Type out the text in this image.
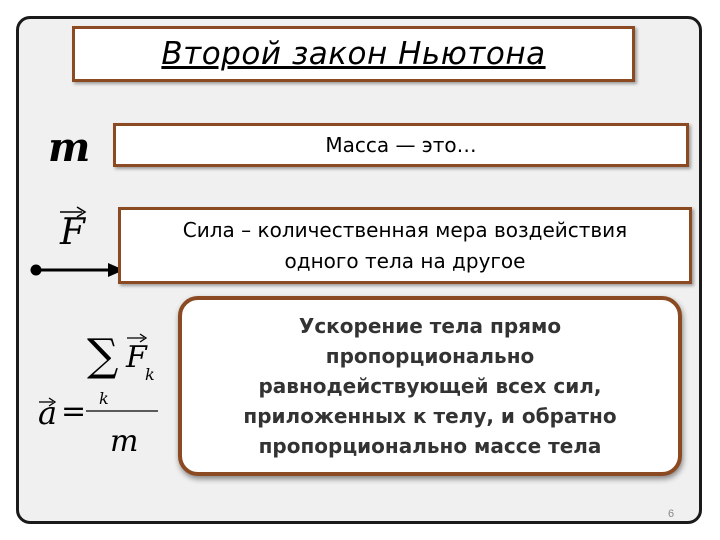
Второй закон Ньютона
m	Масса — это…
F	Сила – количественная мера воздействия
одного тела на другое
∑ F
k
k
a =
m
Ускорение тела прямо
пропорционально
равнодействующей всех сил,
приложенных к телу, и обратно
пропорционально массе тела
6
